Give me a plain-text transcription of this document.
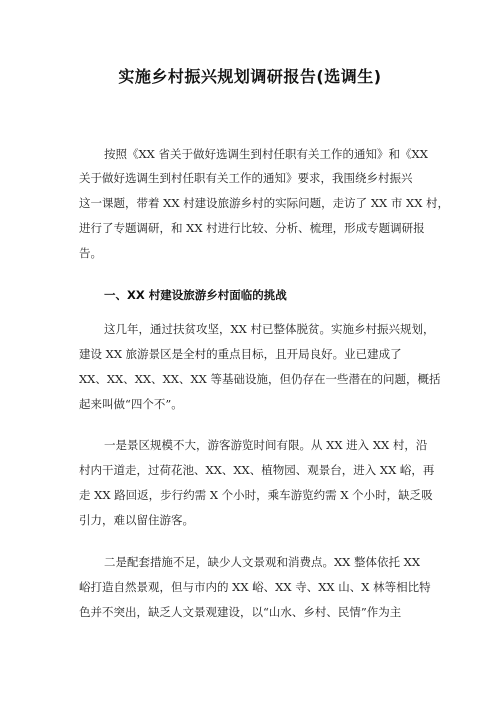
实施乡村振兴规划调研报告(选调生)
按照《XX 省关于做好选调生到村任职有关工作的通知》和《XX
关于做好选调生到村任职有关工作的通知》要求，我围绕乡村振兴
这一课题，带着 XX 村建设旅游乡村的实际问题，走访了 XX 市 XX 村，
进行了专题调研，和 XX 村进行比较、分析、梳理，形成专题调研报
告。
一、XX 村建设旅游乡村面临的挑战
这几年，通过扶贫攻坚，XX 村已整体脱贫。实施乡村振兴规划，
建设 XX 旅游景区是全村的重点目标，且开局良好。业已建成了
XX、XX、XX、XX、XX 等基础设施，但仍存在一些潜在的问题，概括
起来叫做“四个不”。
一是景区规模不大，游客游览时间有限。从 XX 进入 XX 村，沿
村内干道走，过荷花池、XX、XX、植物园、观景台，进入 XX 峪，再
走 XX 路回返，步行约需 X 个小时，乘车游览约需 X 个小时，缺乏吸
引力，难以留住游客。
二是配套措施不足，缺少人文景观和消费点。XX 整体依托 XX
峪打造自然景观，但与市内的 XX 峪、XX 寺、XX 山、X 林等相比特
色并不突出，缺乏人文景观建设，以“山水、乡村、民情”作为主
